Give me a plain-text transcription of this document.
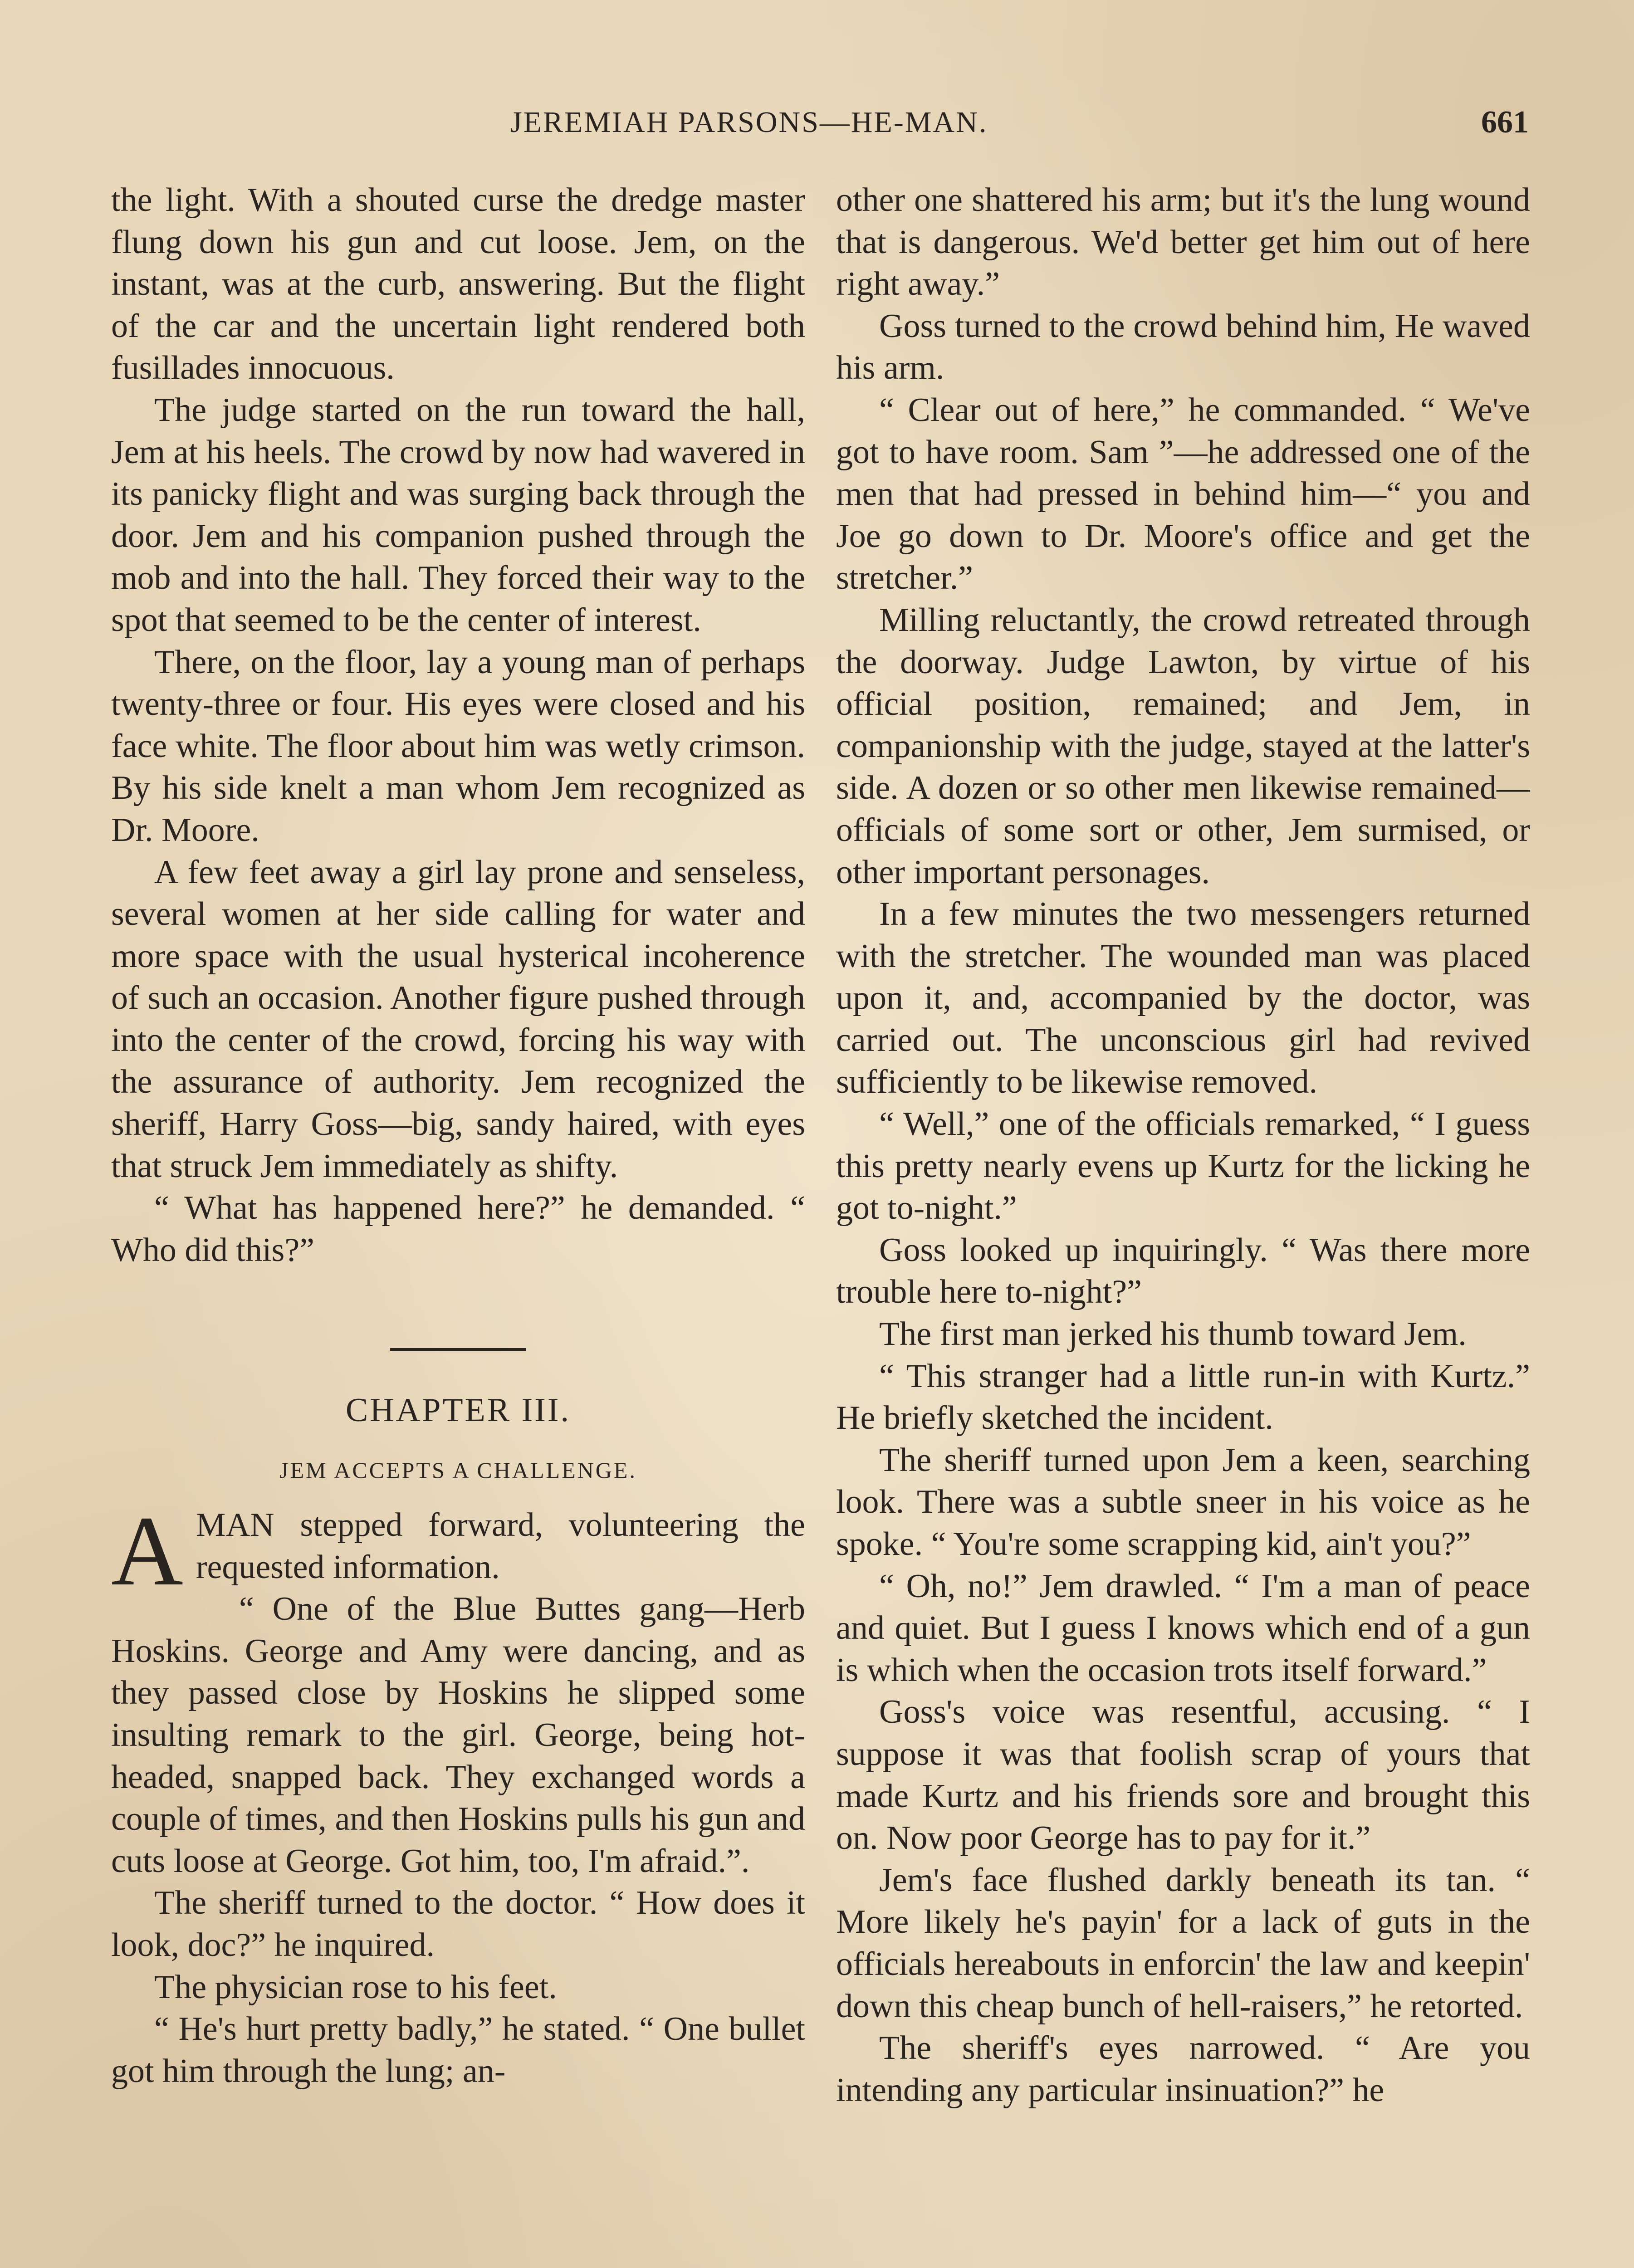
JEREMIAH PARSONS—HE-MAN.	661

the light. With a shouted curse the dredge master flung down his gun and cut loose. Jem, on the instant, was at the curb, answering. But the flight of the car and the uncertain light rendered both fusillades innocuous.

The judge started on the run toward the hall, Jem at his heels. The crowd by now had wavered in its panicky flight and was surging back through the door. Jem and his companion pushed through the mob and into the hall. They forced their way to the spot that seemed to be the center of interest.

There, on the floor, lay a young man of perhaps twenty-three or four. His eyes were closed and his face white. The floor about him was wetly crimson. By his side knelt a man whom Jem recognized as Dr. Moore.

A few feet away a girl lay prone and senseless, several women at her side calling for water and more space with the usual hysterical incoherence of such an occasion. Another figure pushed through into the center of the crowd, forcing his way with the assurance of authority. Jem recognized the sheriff, Harry Goss—big, sandy haired, with eyes that struck Jem immediately as shifty.

“ What has happened here?” he demanded. “ Who did this?”

CHAPTER III.
JEM ACCEPTS A CHALLENGE.

AMAN stepped forward, volunteering the requested information.

“ One of the Blue Buttes gang—Herb Hoskins. George and Amy were dancing, and as they passed close by Hoskins he slipped some insulting remark to the girl. George, being hot-headed, snapped back. They exchanged words a couple of times, and then Hoskins pulls his gun and cuts loose at George. Got him, too, I'm afraid.”.

The sheriff turned to the doctor. “ How does it look, doc?” he inquired.

The physician rose to his feet.

“ He's hurt pretty badly,” he stated. “ One bullet got him through the lung; an-

other one shattered his arm; but it's the lung wound that is dangerous. We'd better get him out of here right away.”

Goss turned to the crowd behind him, He waved his arm.

“ Clear out of here,” he commanded. “ We've got to have room. Sam ”—he addressed one of the men that had pressed in behind him—“ you and Joe go down to Dr. Moore's office and get the stretcher.”

Milling reluctantly, the crowd retreated through the doorway. Judge Lawton, by virtue of his official position, remained; and Jem, in companionship with the judge, stayed at the latter's side. A dozen or so other men likewise remained—officials of some sort or other, Jem surmised, or other important personages.

In a few minutes the two messengers returned with the stretcher. The wounded man was placed upon it, and, accompanied by the doctor, was carried out. The unconscious girl had revived sufficiently to be likewise removed.

“ Well,” one of the officials remarked, “ I guess this pretty nearly evens up Kurtz for the licking he got to-night.”

Goss looked up inquiringly. “ Was there more trouble here to-night?”

The first man jerked his thumb toward Jem.

“ This stranger had a little run-in with Kurtz.” He briefly sketched the incident.

The sheriff turned upon Jem a keen, searching look. There was a subtle sneer in his voice as he spoke. “ You're some scrapping kid, ain't you?”

“ Oh, no!” Jem drawled. “ I'm a man of peace and quiet. But I guess I knows which end of a gun is which when the occasion trots itself forward.”

Goss's voice was resentful, accusing. “ I suppose it was that foolish scrap of yours that made Kurtz and his friends sore and brought this on. Now poor George has to pay for it.”

Jem's face flushed darkly beneath its tan. “ More likely he's payin' for a lack of guts in the officials hereabouts in enforcin' the law and keepin' down this cheap bunch of hell-raisers,” he retorted.

The sheriff's eyes narrowed. “ Are you intending any particular insinuation?” he
